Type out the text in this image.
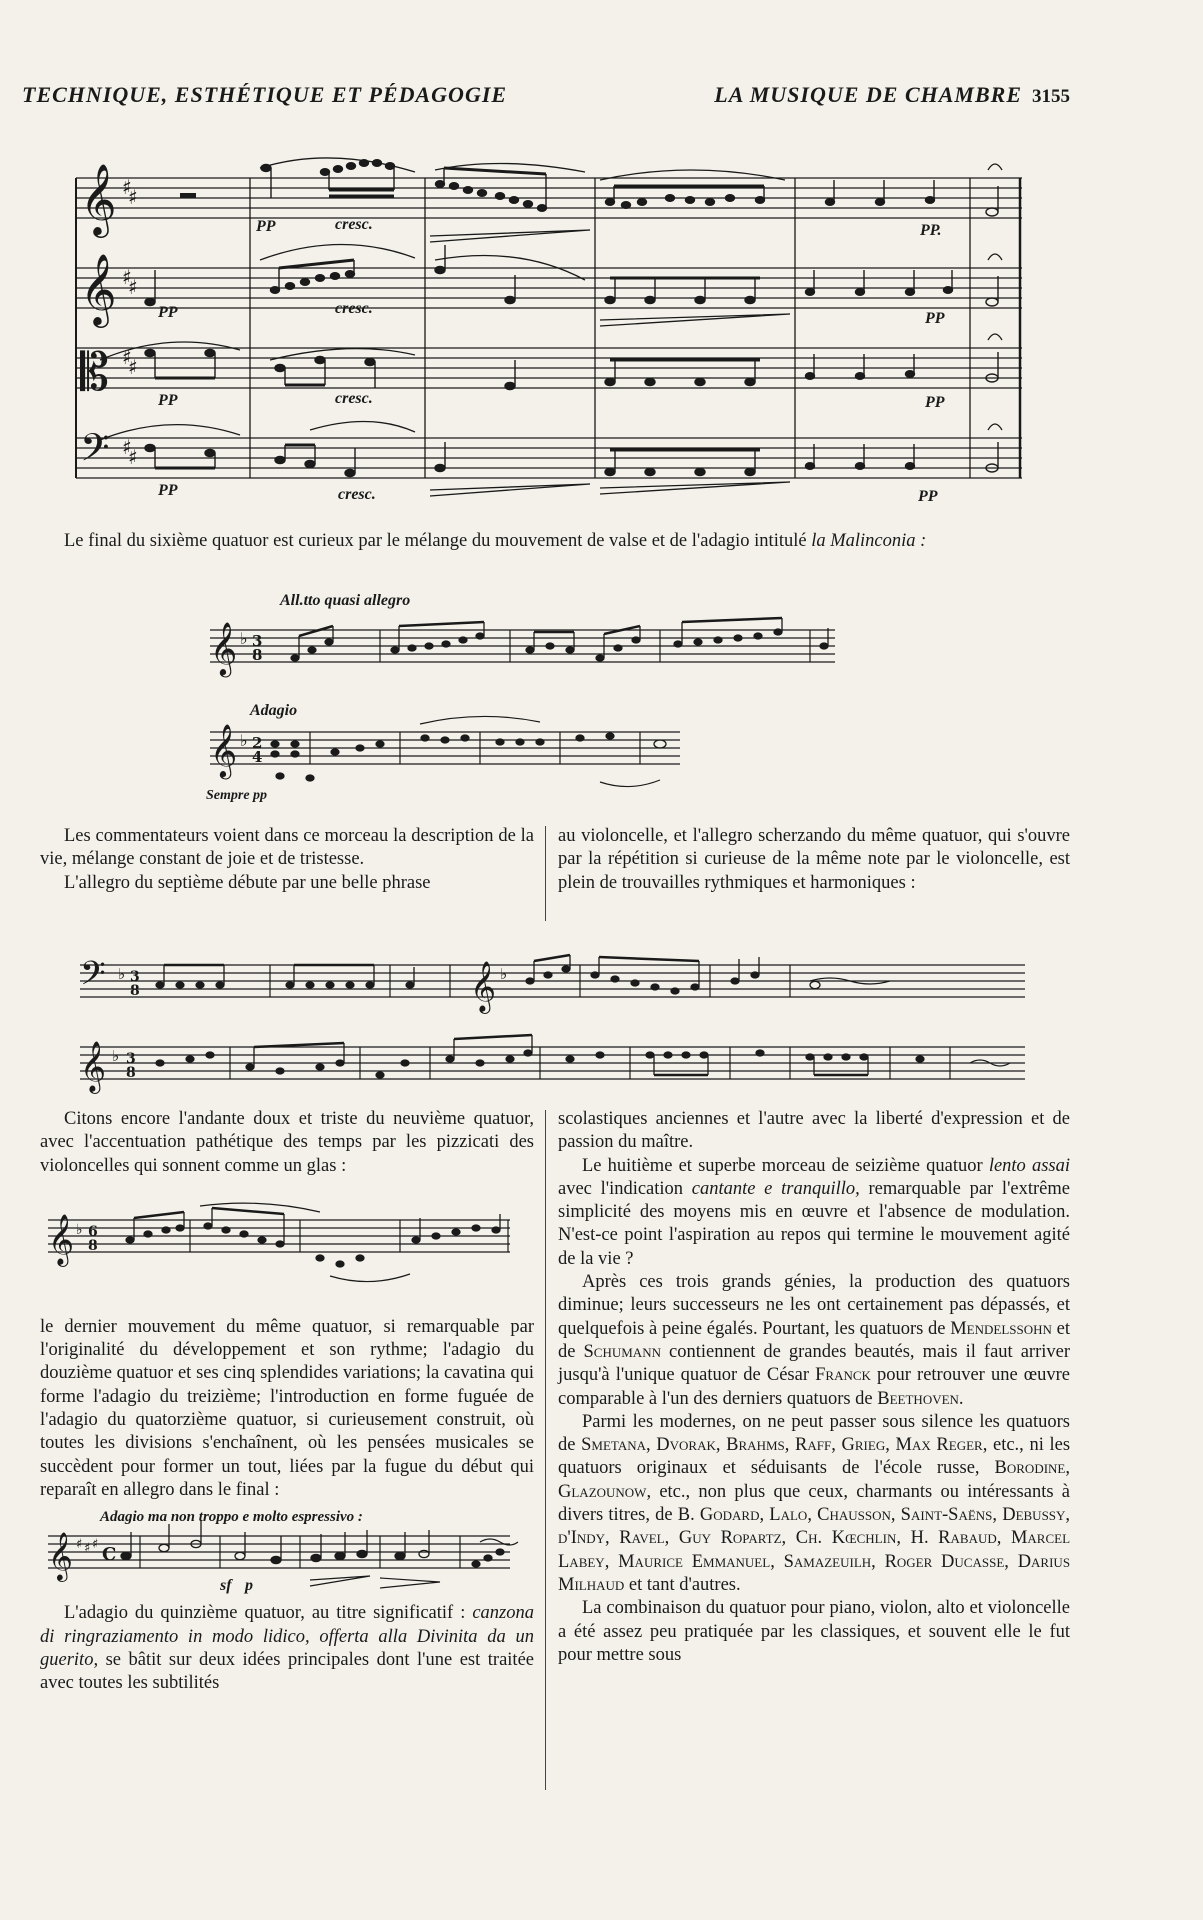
TECHNIQUE, ESTHÉTIQUE ET PÉDAGOGIE	LA MUSIQUE DE CHAMBRE 3155
𝄞
𝄞
𝄡
𝄢
♯
♯
♯
♯
♯
♯
♯
♯
PP	cresc.	PP.
PP	cresc.
PP
PP	cresc.	PP
PP	cresc.	PP

Le final du sixième quatuor est curieux par le mélange du mouvement de valse et de l'adagio intitulé la Malinconia :

All.tto quasi allegro
𝄞 ♭ 3
8
𝄞 ♭ 2
4
Adagio
Sempre pp

Les commentateurs voient dans ce morceau la description de la vie, mélange constant de joie et de tristesse.

L'allegro du septième débute par une belle phrase

au violoncelle, et l'allegro scherzando du même quatuor, qui s'ouvre par la répétition si curieuse de la même note par le violoncelle, est plein de trouvailles rythmiques et harmoniques :

𝄢 ♭ 3
8	𝄞 ♭
𝄞 ♭ 3
8

Citons encore l'andante doux et triste du neuvième quatuor, avec l'accentuation pathétique des temps par les pizzicati des violoncelles qui sonnent comme un glas :

𝄞 ♭ 6
8

le dernier mouvement du même quatuor, si remarquable par l'originalité du développement et son rythme; l'adagio du douzième quatuor et ses cinq splendides variations; la cavatina qui forme l'adagio du treizième; l'introduction en forme fuguée de l'adagio du quatorzième quatuor, si curieusement construit, où toutes les divisions s'enchaînent, où les pensées musicales se succèdent pour former un tout, liées par la fugue du début qui reparaît en allegro dans le final :

Adagio ma non troppo e molto espressivo :
𝄞 ♯ ♯ ♯ C
sf p

L'adagio du quinzième quatuor, au titre significatif : canzona di ringraziamento in modo lidico, offerta alla Divinita da un guerito, se bâtit sur deux idées principales dont l'une est traitée avec toutes les subtilités

scolastiques anciennes et l'autre avec la liberté d'expression et de passion du maître.

Le huitième et superbe morceau de seizième quatuor lento assai avec l'indication cantante e tranquillo, remarquable par l'extrême simplicité des moyens mis en œuvre et l'absence de modulation. N'est-ce point l'aspiration au repos qui termine le mouvement agité de la vie ?

Après ces trois grands génies, la production des quatuors diminue; leurs successeurs ne les ont certainement pas dépassés, et quelquefois à peine égalés. Pourtant, les quatuors de Mendelssohn et de Schumann contiennent de grandes beautés, mais il faut arriver jusqu'à l'unique quatuor de César Franck pour retrouver une œuvre comparable à l'un des derniers quatuors de Beethoven.

Parmi les modernes, on ne peut passer sous silence les quatuors de Smetana, Dvorak, Brahms, Raff, Grieg, Max Reger, etc., ni les quatuors originaux et séduisants de l'école russe, Borodine, Glazounow, etc., non plus que ceux, charmants ou intéressants à divers titres, de B. Godard, Lalo, Chausson, Saint-Saëns, Debussy, d'Indy, Ravel, Guy Ropartz, Ch. Kœchlin, H. Rabaud, Marcel Labey, Maurice Emmanuel, Samazeuilh, Roger Ducasse, Darius Milhaud et tant d'autres.

La combinaison du quatuor pour piano, violon, alto et violoncelle a été assez peu pratiquée par les classiques, et souvent elle le fut pour mettre sous
